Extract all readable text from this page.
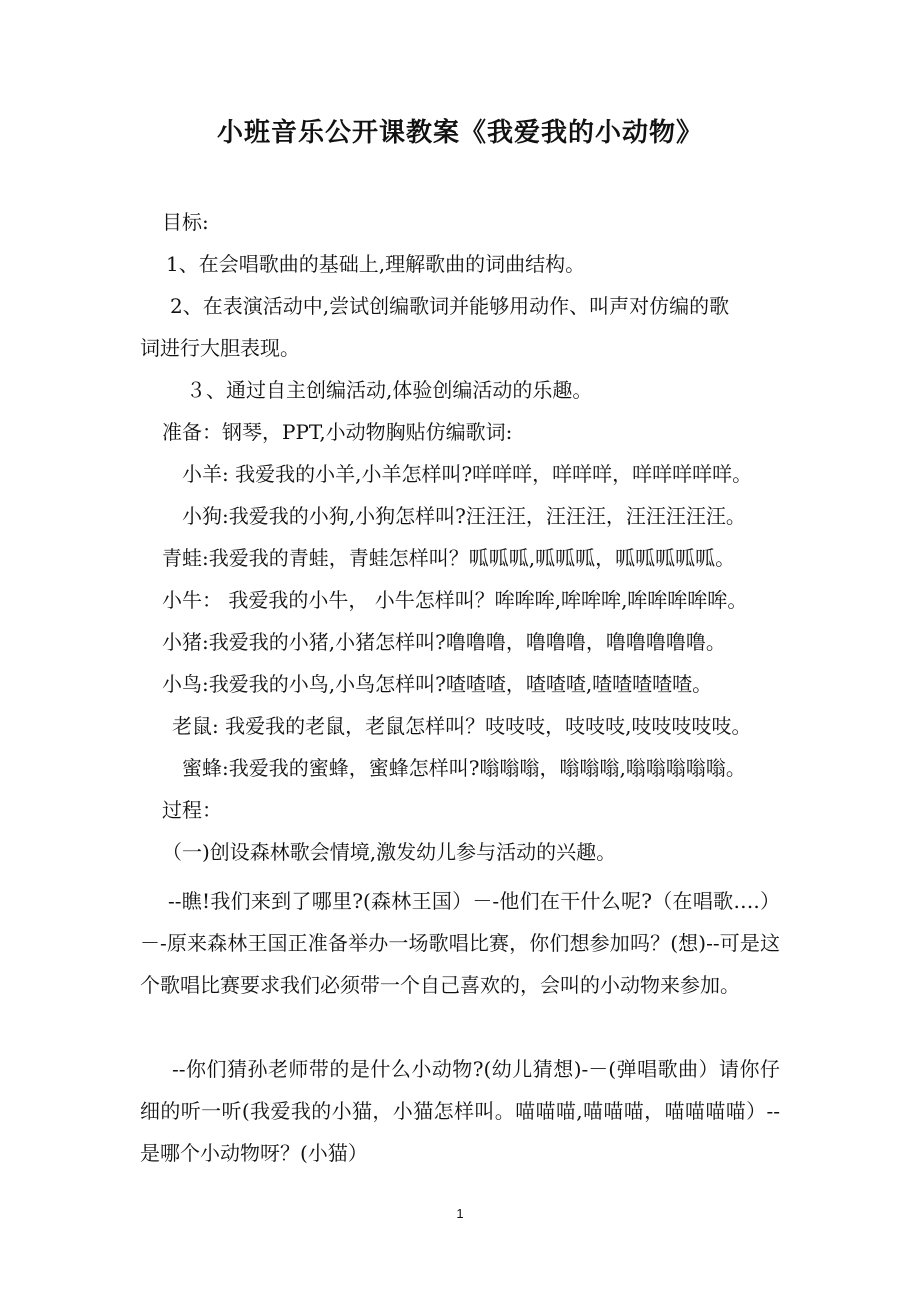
小班音乐公开课教案《我爱我的小动物》
目标:
1、在会唱歌曲的基础上,理解歌曲的词曲结构。
2、在表演活动中,尝试创编歌词并能够用动作、叫声对仿编的歌
词进行大胆表现。
３、通过自主创编活动,体验创编活动的乐趣。
准备：钢琴，PPT,小动物胸贴仿编歌词:
小羊: 我爱我的小羊,小羊怎样叫?咩咩咩，咩咩咩，咩咩咩咩咩。
小狗:我爱我的小狗,小狗怎样叫?汪汪汪，汪汪汪，汪汪汪汪汪。
青蛙:我爱我的青蛙，青蛙怎样叫？呱呱呱,呱呱呱，呱呱呱呱呱。
小牛： 我爱我的小牛， 小牛怎样叫？哞哞哞,哞哞哞,哞哞哞哞哞。
小猪:我爱我的小猪,小猪怎样叫?噜噜噜，噜噜噜，噜噜噜噜噜。
小鸟:我爱我的小鸟,小鸟怎样叫?喳喳喳，喳喳喳,喳喳喳喳喳。
老鼠: 我爱我的老鼠，老鼠怎样叫？吱吱吱，吱吱吱,吱吱吱吱吱。
蜜蜂:我爱我的蜜蜂，蜜蜂怎样叫?嗡嗡嗡，嗡嗡嗡,嗡嗡嗡嗡嗡。
过程：
（一)创设森林歌会情境,激发幼儿参与活动的兴趣。
--瞧!我们来到了哪里?(森林王国）－-他们在干什么呢?（在唱歌….）－-原来森林王国正准备举办一场歌唱比赛，你们想参加吗？(想)--可是这个歌唱比赛要求我们必须带一个自己喜欢的，会叫的小动物来参加。
--你们猜孙老师带的是什么小动物?(幼儿猜想)-－(弹唱歌曲）请你仔细的听一听(我爱我的小猫，小猫怎样叫。喵喵喵,喵喵喵，喵喵喵喵）--是哪个小动物呀？(小猫）
1
